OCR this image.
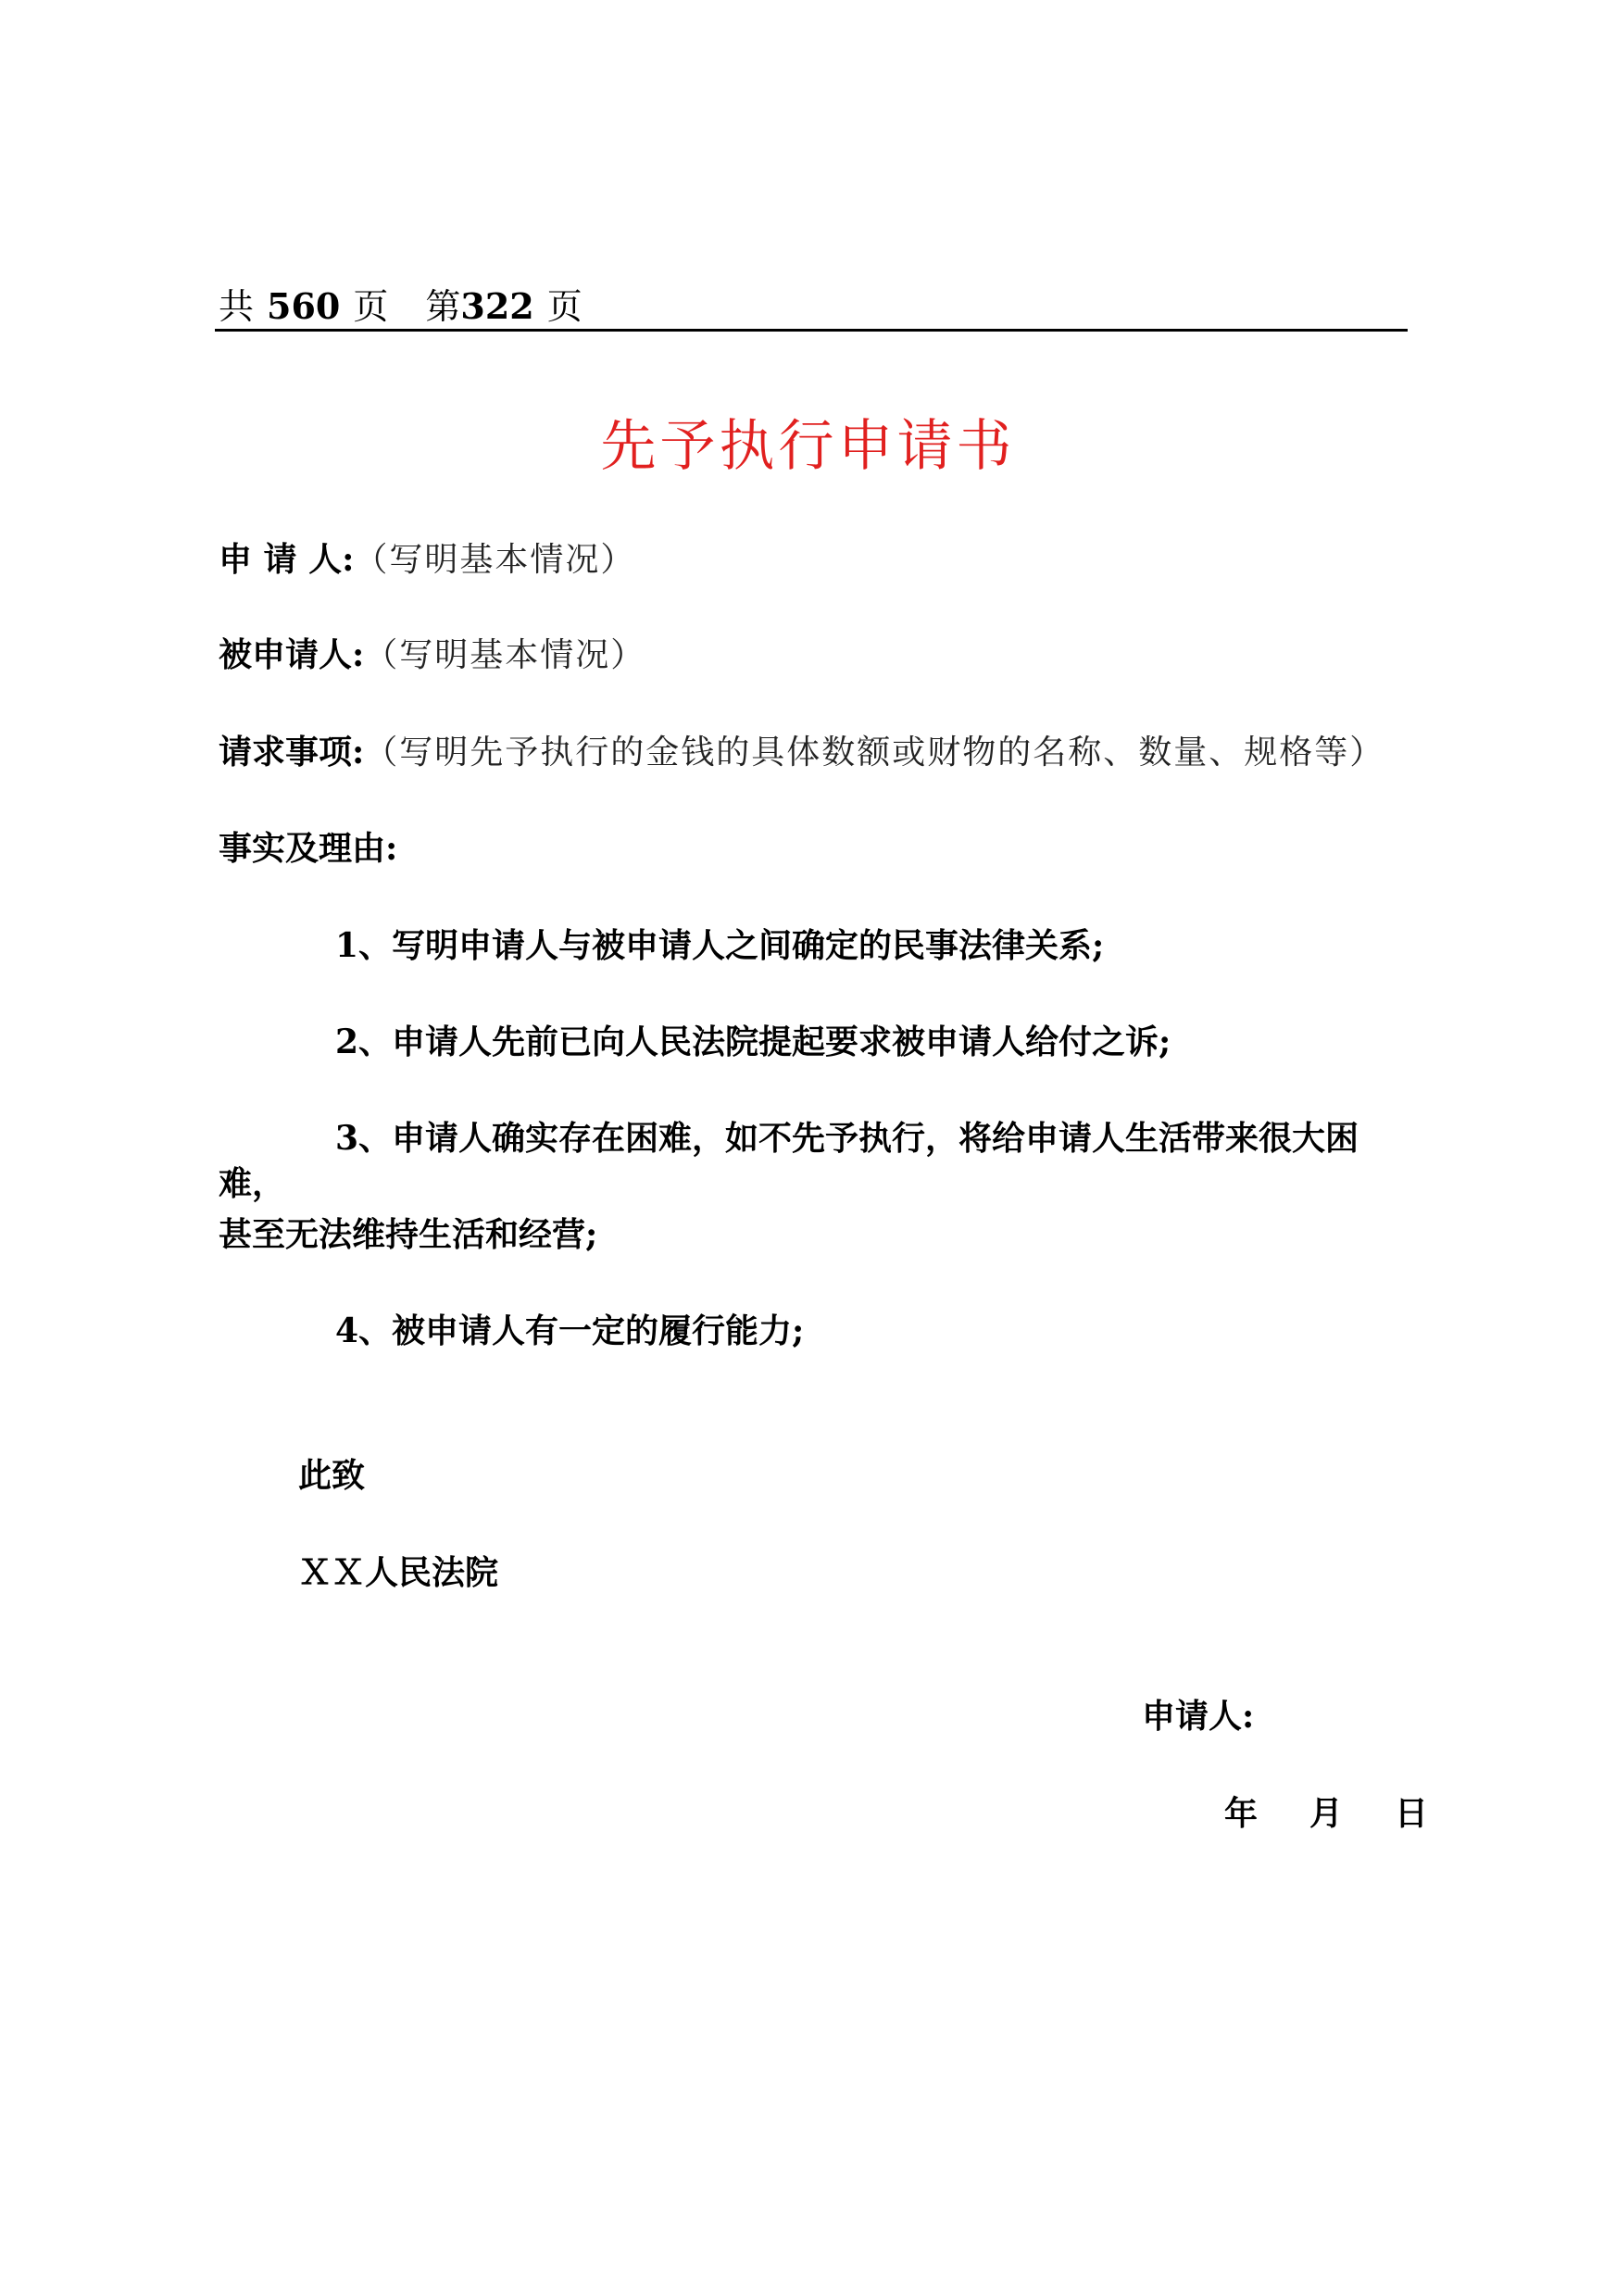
共 560 页 第322 页
先予执行申请书
申 请 人:（写明基本情况）
被申请人:（写明基本情况）
请求事项:（写明先予执行的金钱的具体数额或财物的名称、数量、规格等）
事实及理由:
1、写明申请人与被申请人之间确定的民事法律关系;
2、申请人先前已向人民法院提起要求被申请人给付之诉;
3、申请人确实存在困难，如不先予执行，将给申请人生活带来很大困
难，
甚至无法维持生活和经营;
4、被申请人有一定的履行能力;
此致
ＸＸ人民法院
申请人:
年　月　日
